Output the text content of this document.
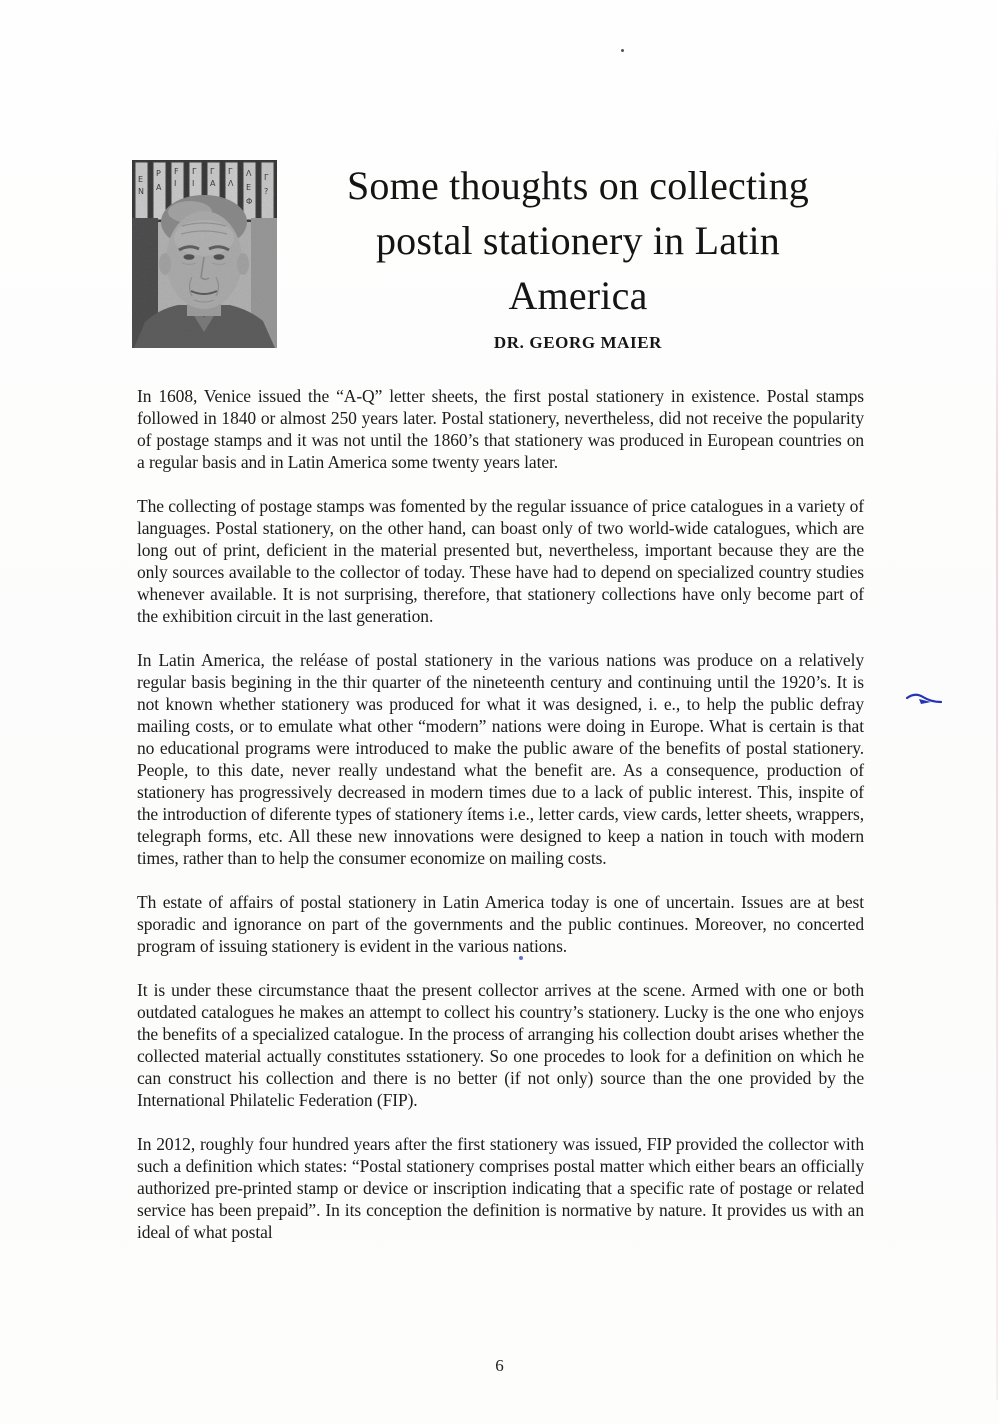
E
N
P
A
F
I
Γ
I
Γ
A
Γ
Λ
Λ
E
Φ
Γ
?	Some thoughts on collecting
postal stationery in Latin
America
DR. GEORG MAIER

In 1608, Venice issued the “A-Q” letter sheets, the first postal stationery in existence. Postal stamps followed in 1840 or almost 250 years later. Postal stationery, nevertheless, did not receive the popularity of postage stamps and it was not until the 1860’s that stationery was produced in European countries on a regular basis and in Latin America some twenty years later.

The collecting of postage stamps was fomented by the regular issuance of price catalogues in a variety of languages. Postal stationery, on the other hand, can boast only of two world-wide catalogues, which are long out of print, deficient in the material presented but, nevertheless, important because they are the only sources available to the collector of today. These have had to depend on specialized country studies whenever available. It is not surprising, therefore, that stationery collections have only become part of the exhibition circuit in the last generation.

In Latin America, the reléase of postal stationery in the various nations was produce on a relatively regular basis begining in the thir quarter of the nineteenth century and continuing until the 1920’s. It is not known whether stationery was produced for what it was designed, i. e., to help the public defray mailing costs, or to emulate what other “modern” nations were doing in Europe. What is certain is that no educational programs were introduced to make the public aware of the benefits of postal stationery. People, to this date, never really undestand what the benefit are. As a consequence, production of stationery has progressively decreased in modern times due to a lack of public interest. This, inspite of the introduction of diferente types of stationery ítems i.e., letter cards, view cards, letter sheets, wrappers, telegraph forms, etc. All these new innovations were designed to keep a nation in touch with modern times, rather than to help the consumer economize on mailing costs.

Th estate of affairs of postal stationery in Latin America today is one of uncertain. Issues are at best sporadic and ignorance on part of the governments and the public continues. Moreover, no concerted program of issuing stationery is evident in the various nations.

It is under these circumstance thaat the present collector arrives at the scene. Armed with one or both outdated catalogues he makes an attempt to collect his country’s stationery. Lucky is the one who enjoys the benefits of a specialized catalogue. In the process of arranging his collection doubt arises whether the collected material actually constitutes sstationery. So one procedes to look for a definition on which he can construct his collection and there is no better (if not only) source than the one provided by the International Philatelic Federation (FIP).

In 2012, roughly four hundred years after the first stationery was issued, FIP provided the collector with such a definition which states: “Postal stationery comprises postal matter which either bears an officially authorized pre-printed stamp or device or inscription indicating that a specific rate of postage or related service has been prepaid”. In its conception the definition is normative by nature. It provides us with an ideal of what postal

6
